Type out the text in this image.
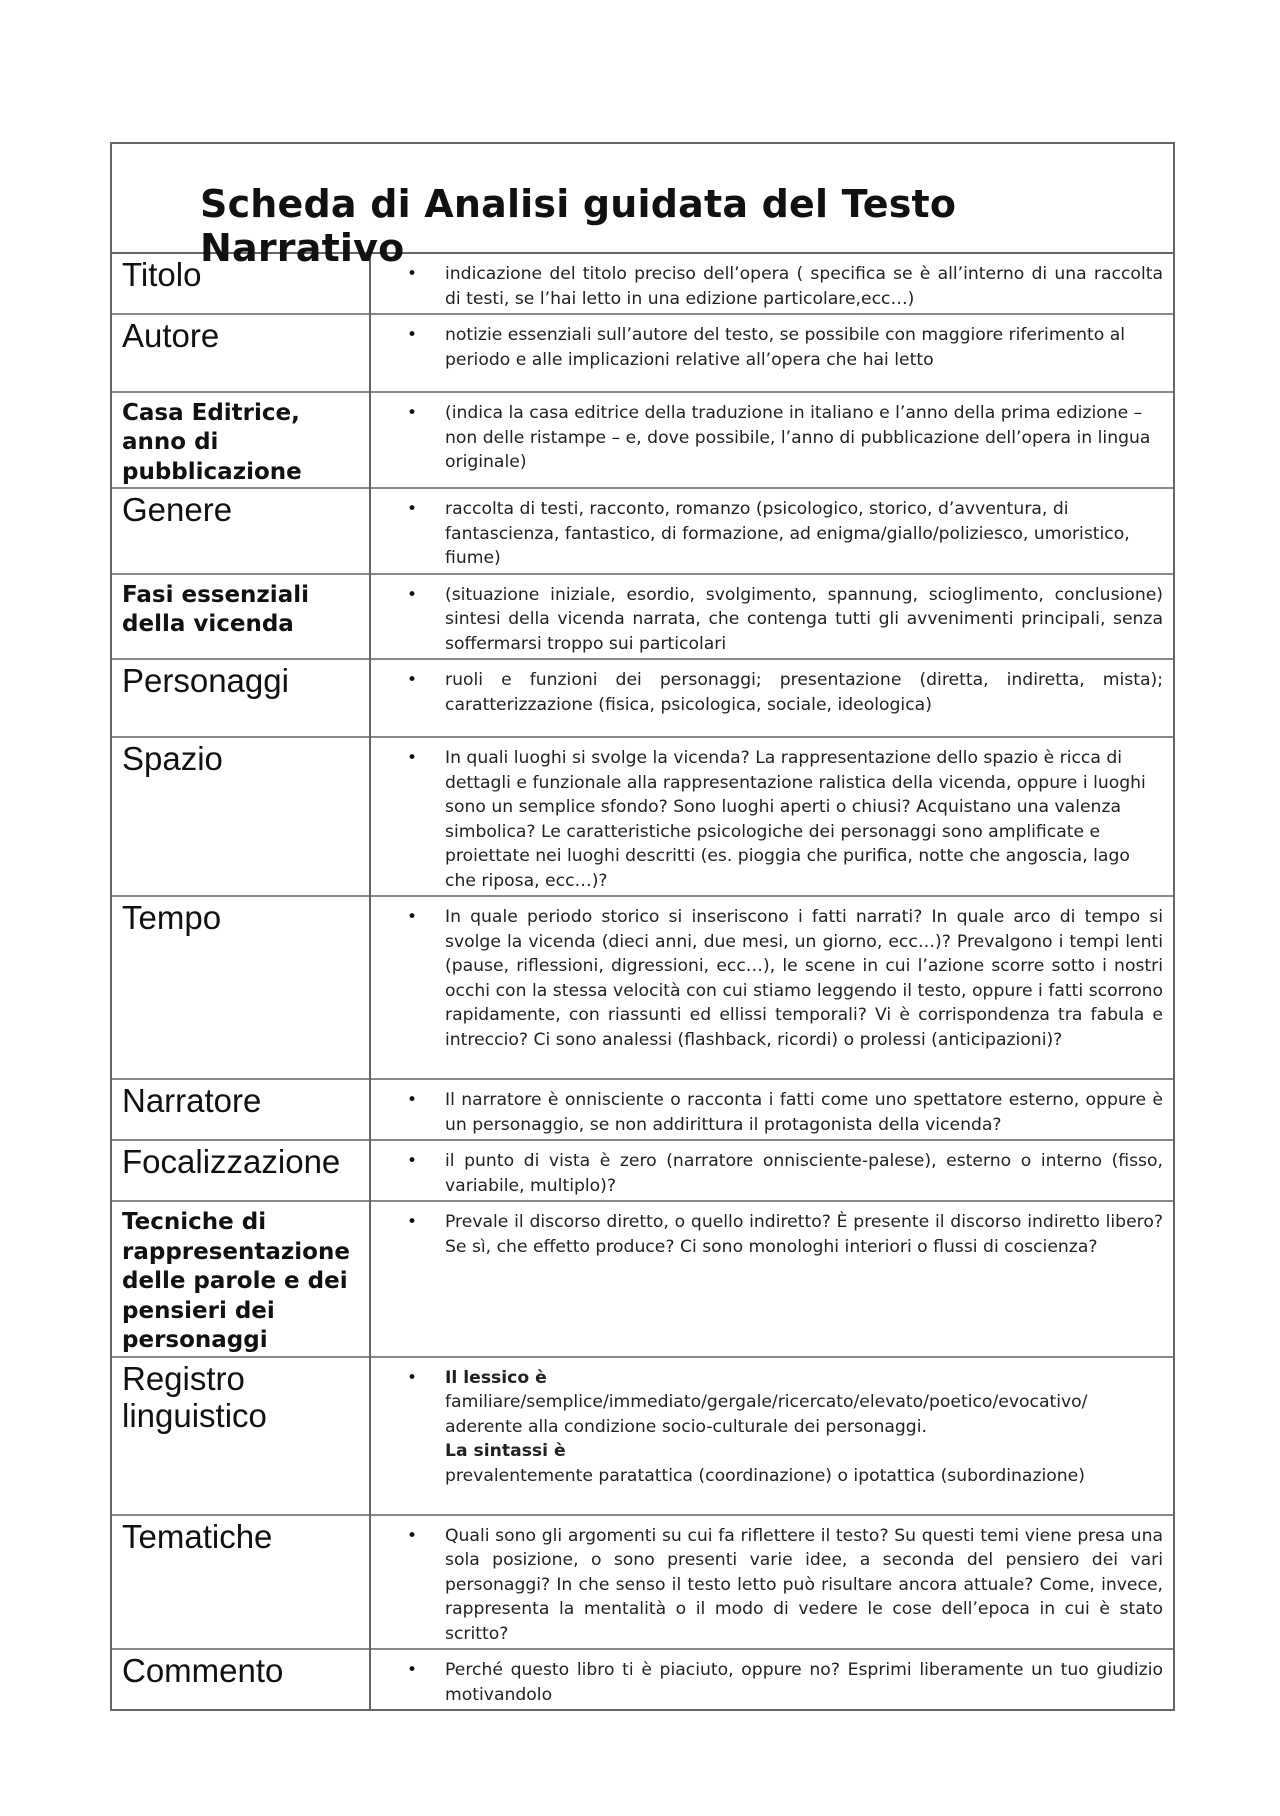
Scheda di Analisi guidata del Testo Narrativo
Titolo	• indicazione del titolo preciso dell’opera ( specifica se è all’interno di una raccolta di testi, se l’hai letto in una edizione particolare,ecc…)

Autore	• notizie essenziali sull’autore del testo, se possibile con maggiore riferimento al periodo e alle implicazioni relative all’opera che hai letto

Casa Editrice, anno di pubblicazione	• (indica la casa editrice della traduzione in italiano e l’anno della prima edizione – non delle ristampe – e, dove possibile, l’anno di pubblicazione dell’opera in lingua originale)

Genere	• raccolta di testi, racconto, romanzo (psicologico, storico, d’avventura, di fantascienza, fantastico, di formazione, ad enigma/giallo/poliziesco, umoristico, fiume)

Fasi essenziali della vicenda	• (situazione iniziale, esordio, svolgimento, spannung, scioglimento, conclusione) sintesi della vicenda narrata, che contenga tutti gli avvenimenti principali, senza soffermarsi troppo sui particolari

Personaggi	• ruoli e funzioni dei personaggi; presentazione (diretta, indiretta, mista); caratterizzazione (fisica, psicologica, sociale, ideologica)

Spazio	• In quali luoghi si svolge la vicenda? La rappresentazione dello spazio è ricca di dettagli e funzionale alla rappresentazione ralistica della vicenda, oppure i luoghi sono un semplice sfondo? Sono luoghi aperti o chiusi? Acquistano una valenza simbolica? Le caratteristiche psicologiche dei personaggi sono amplificate e proiettate nei luoghi descritti (es. pioggia che purifica, notte che angoscia, lago che riposa, ecc…)?

Tempo	• In quale periodo storico si inseriscono i fatti narrati? In quale arco di tempo si svolge la vicenda (dieci anni, due mesi, un giorno, ecc…)? Prevalgono i tempi lenti (pause, riflessioni, digressioni, ecc…), le scene in cui l’azione scorre sotto i nostri occhi con la stessa velocità con cui stiamo leggendo il testo, oppure i fatti scorrono rapidamente, con riassunti ed ellissi temporali? Vi è corrispondenza tra fabula e intreccio? Ci sono analessi (flashback, ricordi) o prolessi (anticipazioni)?

Narratore	• Il narratore è onnisciente o racconta i fatti come uno spettatore esterno, oppure è un personaggio, se non addirittura il protagonista della vicenda?

Focalizzazione	• il punto di vista è zero (narratore onnisciente-palese), esterno o interno (fisso, variabile, multiplo)?

Tecniche di rappresentazione delle parole e dei pensieri dei personaggi	• Prevale il discorso diretto, o quello indiretto? È presente il discorso indiretto libero? Se sì, che effetto produce? Ci sono monologhi interiori o flussi di coscienza?

Registro linguistico	• Il lessico è
familiare/semplice/immediato/gergale/ricercato/elevato/poetico/evocativo/ aderente alla condizione socio-culturale dei personaggi.
La sintassi è
prevalentemente paratattica (coordinazione) o ipotattica (subordinazione)

Tematiche	• Quali sono gli argomenti su cui fa riflettere il testo? Su questi temi viene presa una sola posizione, o sono presenti varie idee, a seconda del pensiero dei vari personaggi? In che senso il testo letto può risultare ancora attuale? Come, invece, rappresenta la mentalità o il modo di vedere le cose dell’epoca in cui è stato scritto?

Commento	• Perché questo libro ti è piaciuto, oppure no? Esprimi liberamente un tuo giudizio motivandolo
